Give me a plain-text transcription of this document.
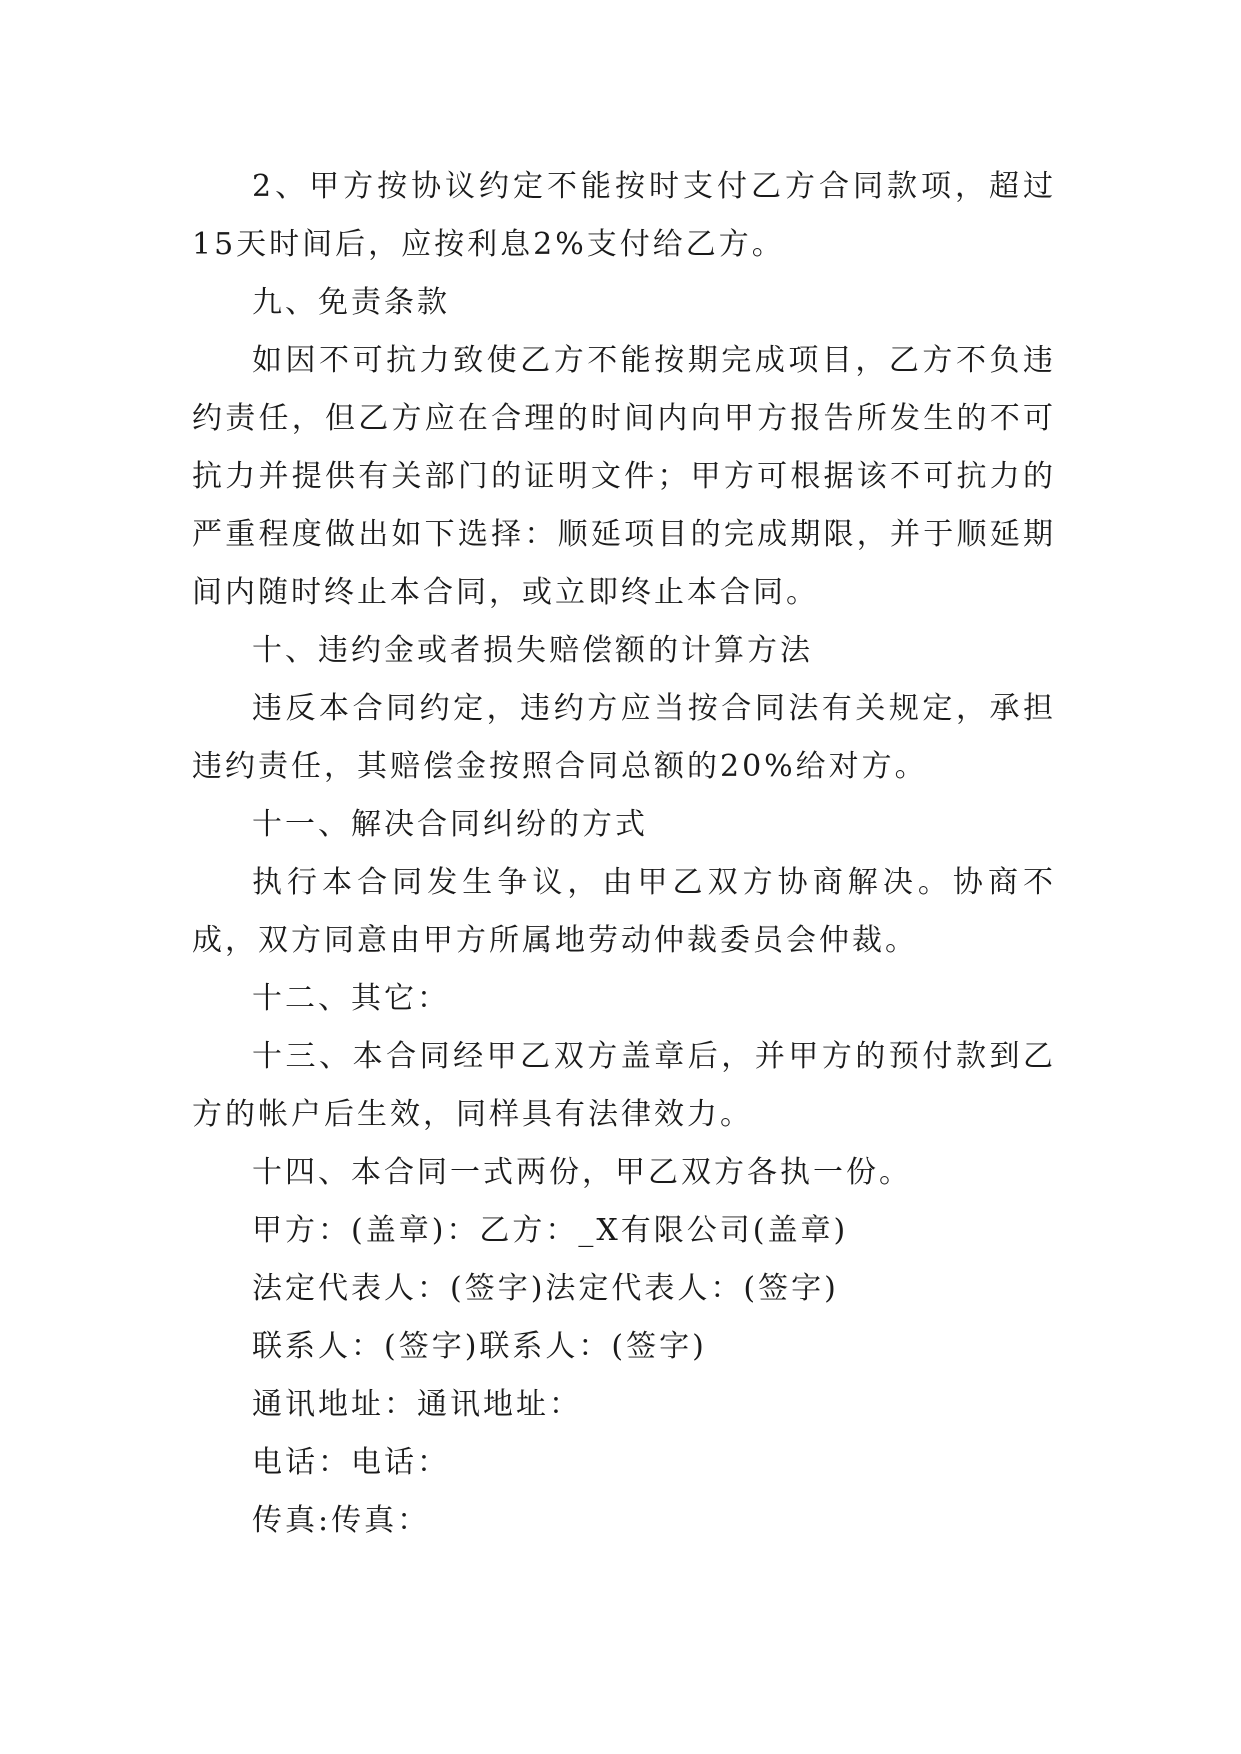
2、甲方按协议约定不能按时支付乙方合同款项，超过15天时间后，应按利息2%支付给乙方。

九、免责条款

如因不可抗力致使乙方不能按期完成项目，乙方不负违约责任，但乙方应在合理的时间内向甲方报告所发生的不可抗力并提供有关部门的证明文件；甲方可根据该不可抗力的严重程度做出如下选择：顺延项目的完成期限，并于顺延期间内随时终止本合同，或立即终止本合同。

十、违约金或者损失赔偿额的计算方法

违反本合同约定，违约方应当按合同法有关规定，承担违约责任，其赔偿金按照合同总额的20%给对方。

十一、解决合同纠纷的方式

执行本合同发生争议，由甲乙双方协商解决。协商不成，双方同意由甲方所属地劳动仲裁委员会仲裁。

十二、其它：

十三、本合同经甲乙双方盖章后，并甲方的预付款到乙方的帐户后生效，同样具有法律效力。

十四、本合同一式两份，甲乙双方各执一份。

甲方：(盖章)：乙方：_X有限公司(盖章)

法定代表人：(签字)法定代表人：(签字)

联系人：(签字)联系人：(签字)

通讯地址：通讯地址：

电话：电话：

传真:传真：
